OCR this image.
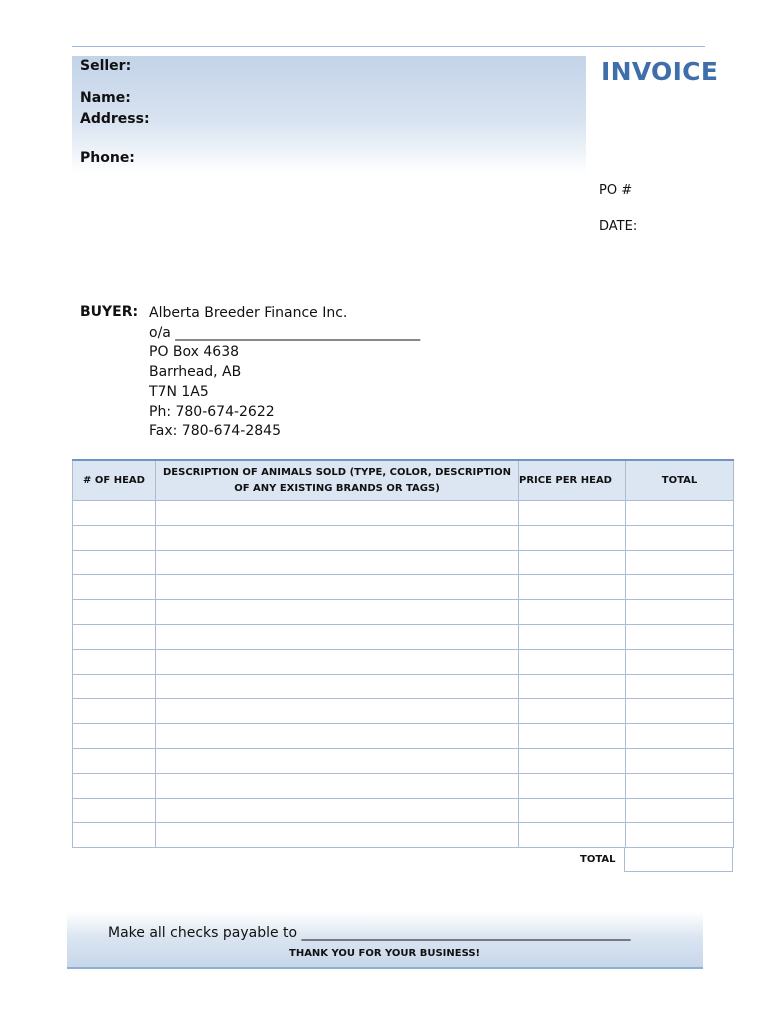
Seller:
Name:
Address:
Phone:
INVOICE
PO #
DATE:
BUYER: Alberta Breeder Finance Inc.
o/a ___________________________________
PO Box 4638
Barrhead, AB
T7N 1A5
Ph: 780-674-2622
Fax: 780-674-2845
# OF HEAD	DESCRIPTION OF ANIMALS SOLD (TYPE, COLOR, DESCRIPTION OF ANY EXISTING BRANDS OR TAGS)	PRICE PER HEAD	TOTAL

TOTAL
Make all checks payable to _______________________________________________
THANK YOU FOR YOUR BUSINESS!
